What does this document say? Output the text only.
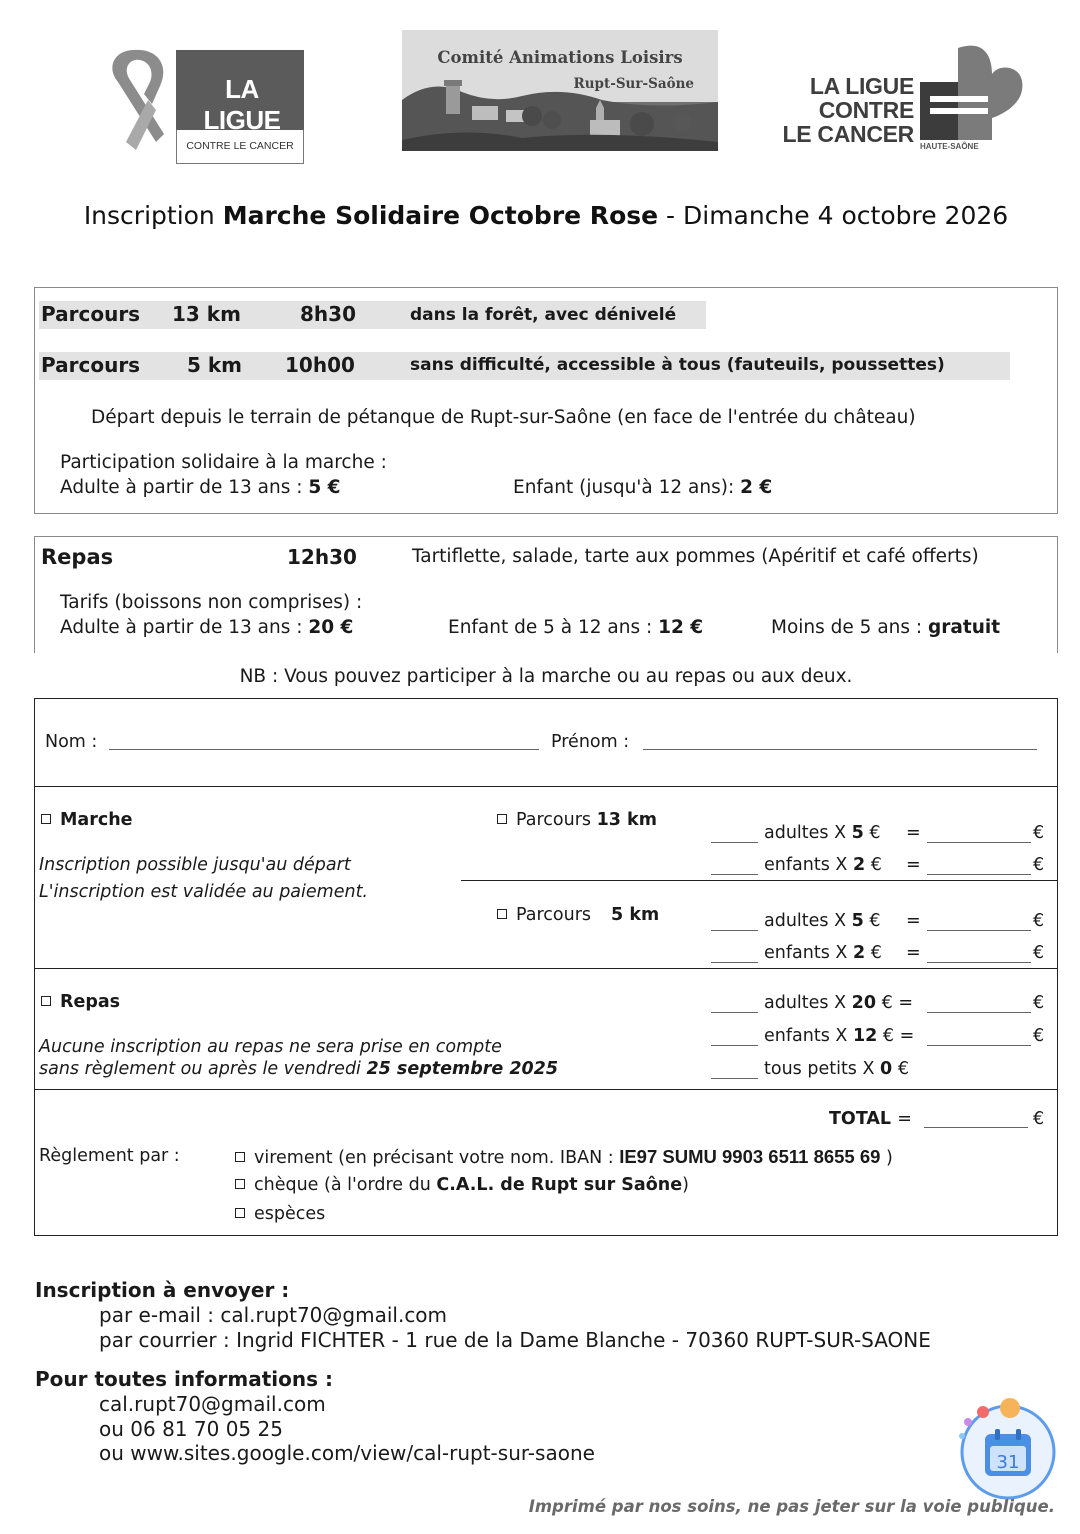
LA LIGUE
CONTRE LE CANCER
Comité Animations Loisirs
Rupt-Sur-Saône	LA LIGUE
CONTRE
LE CANCER HAUTE-SAÔNE
Inscription Marche Solidaire Octobre Rose - Dimanche 4 octobre 2026
Parcours 13 km	8h30	dans la forêt, avec dénivelé
Parcours 5 km 10h00	sans difficulté, accessible à tous (fauteuils, poussettes)
Départ depuis le terrain de pétanque de Rupt-sur-Saône (en face de l'entrée du château)
Participation solidaire à la marche :
Adulte à partir de 13 ans : 5 €	Enfant (jusqu'à 12 ans): 2 €
Repas	12h30	Tartiflette, salade, tarte aux pommes (Apéritif et café offerts)
Tarifs (boissons non comprises) :
Adulte à partir de 13 ans : 20 €	Enfant de 5 à 12 ans : 12 €	Moins de 5 ans : gratuit
NB : Vous pouvez participer à la marche ou au repas ou aux deux.
Nom :	Prénom :
Marche
Inscription possible jusqu'au départ
L'inscription est validée au paiement.
Parcours 13 km
adultes X 5 € =	€
enfants X 2 € =	€
Parcours 5 km	adultes X 5 € =	€
enfants X 2 € =	€
Repas
Aucune inscription au repas ne sera prise en compte
sans règlement ou après le vendredi 25 septembre 2025
adultes X 20 € =	€
enfants X 12 € =	€
tous petits X 0 €
TOTAL =	€
Règlement par :	virement (en précisant votre nom. IBAN : IE97 SUMU 9903 6511 8655 69 )
chèque (à l'ordre du C.A.L. de Rupt sur Saône)
espèces
Inscription à envoyer :
par e-mail : cal.rupt70@gmail.com
par courrier : Ingrid FICHTER - 1 rue de la Dame Blanche - 70360 RUPT-SUR-SAONE
Pour toutes informations :
cal.rupt70@gmail.com
ou 06 81 70 05 25
ou www.sites.google.com/view/cal-rupt-sur-saone	31
Imprimé par nos soins, ne pas jeter sur la voie publique.
